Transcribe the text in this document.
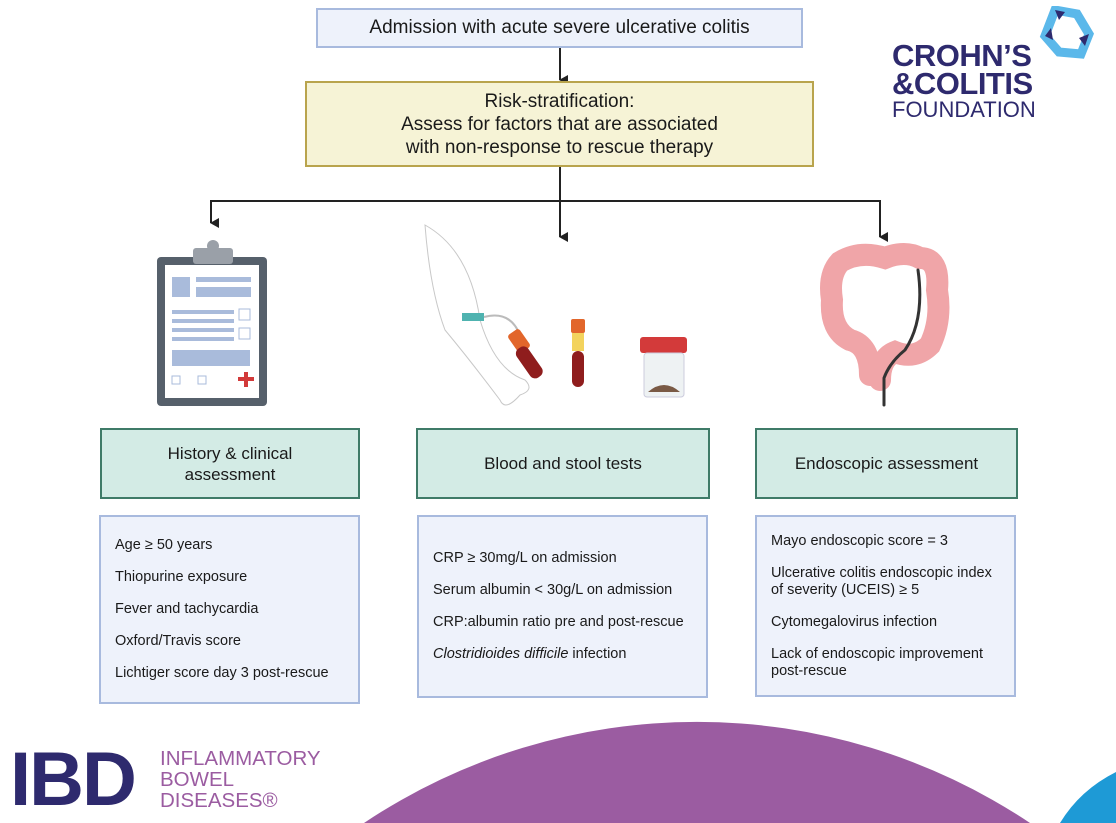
Admission with acute severe ulcerative colitis
Risk-stratification:
Assess for factors that are associated
with non-response to rescue therapy
History & clinical assessment
Blood and stool tests	Endoscopic assessment
Age ≥ 50 years
Thiopurine exposure
Fever and tachycardia
Oxford/Travis score
Lichtiger score day 3 post-rescue
CRP ≥ 30mg/L on admission
Serum albumin < 30g/L on admission
CRP:albumin ratio pre and post-rescue
Clostridioides difficile infection
Mayo endoscopic score = 3
Ulcerative colitis endoscopic index of severity (UCEIS) ≥ 5
Cytomegalovirus infection
Lack of endoscopic improvement post-rescue
CROHN’S
&COLITIS
FOUNDATION
IBD INFLAMMATORY
BOWEL
DISEASES®
